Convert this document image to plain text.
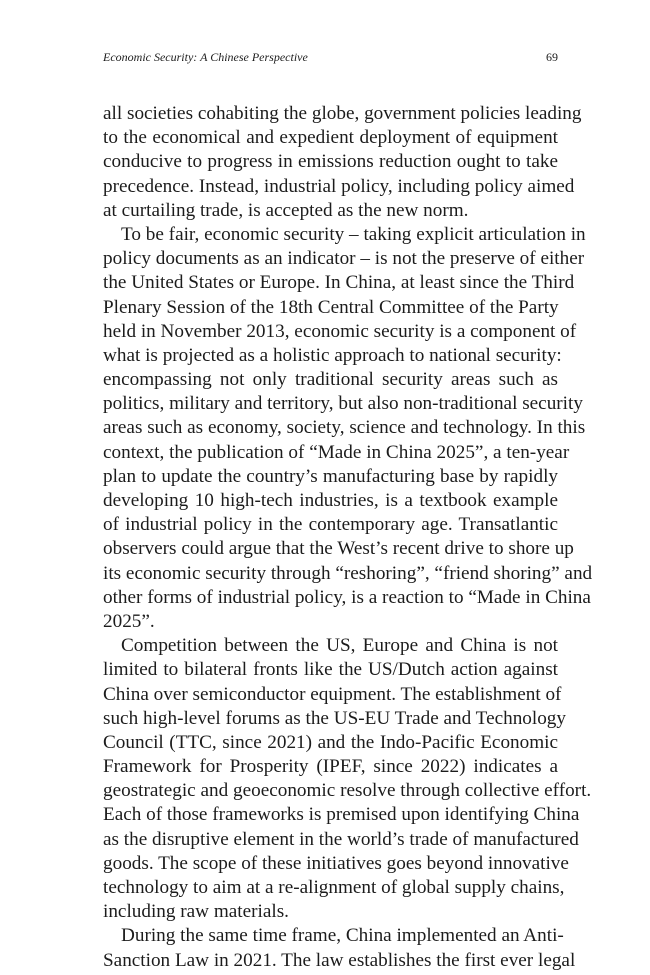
Economic Security: A Chinese Perspective	69
all societies cohabiting the globe, government policies leading
to the economical and expedient deployment of equipment
conducive to progress in emissions reduction ought to take
precedence. Instead, industrial policy, including policy aimed
at curtailing trade, is accepted as the new norm.
To be fair, economic security – taking explicit articulation in
policy documents as an indicator – is not the preserve of either
the United States or Europe. In China, at least since the Third
Plenary Session of the 18th Central Committee of the Party
held in November 2013, economic security is a component of
what is projected as a holistic approach to national security:
encompassing not only traditional security areas such as
politics, military and territory, but also non-traditional security
areas such as economy, society, science and technology. In this
context, the publication of “Made in China 2025”, a ten-year
plan to update the country’s manufacturing base by rapidly
developing 10 high-tech industries, is a textbook example
of industrial policy in the contemporary age. Transatlantic
observers could argue that the West’s recent drive to shore up
its economic security through “reshoring”, “friend shoring” and
other forms of industrial policy, is a reaction to “Made in China
2025”.
Competition between the US, Europe and China is not
limited to bilateral fronts like the US/Dutch action against
China over semiconductor equipment. The establishment of
such high-level forums as the US-EU Trade and Technology
Council (TTC, since 2021) and the Indo-Pacific Economic
Framework for Prosperity (IPEF, since 2022) indicates a
geostrategic and geoeconomic resolve through collective effort.
Each of those frameworks is premised upon identifying China
as the disruptive element in the world’s trade of manufactured
goods. The scope of these initiatives goes beyond innovative
technology to aim at a re-alignment of global supply chains,
including raw materials.
During the same time frame, China implemented an Anti-
Sanction Law in 2021. The law establishes the first ever legal
